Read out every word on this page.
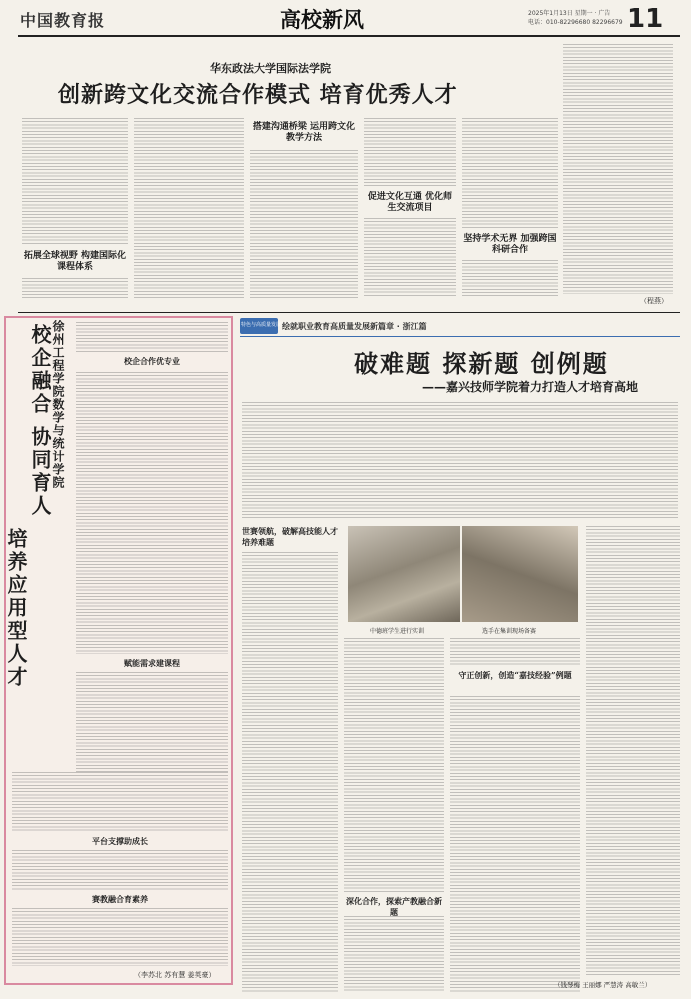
中国教育报	高校新风	2025年1月13日 星期一 · 广告
电话：010-82296680 82296679 11
华东政法大学国际法学院
创新跨文化交流合作模式 培育优秀人才
拓展全球视野 构建国际化课程体系
搭建沟通桥梁 运用跨文化教学方法
促进文化互通 优化师生交流项目
坚持学术无界 加强跨国科研合作
（程燕）
徐州工程学院数学与统计学院
校企融合 协同育人
培养应用型人才
校企合作优专业
赋能需求建课程
平台支撑助成长
赛教融合育素养
（李苏北 苏有慧 姜英豪）
特色与高质量发展新篇章
绘就职业教育高质量发展新篇章 · 浙江篇
破难题 探新题 创例题
——嘉兴技师学院着力打造人才培育高地
世赛领航，破解高技能人才培养难题
中德班学生进行实训
深化合作，探索产教融合新题
选手在集训现场备赛
守正创新，创造“嘉技经验”例题
（钱琴梅 王丽娜 严慧涛 高敏兰）
